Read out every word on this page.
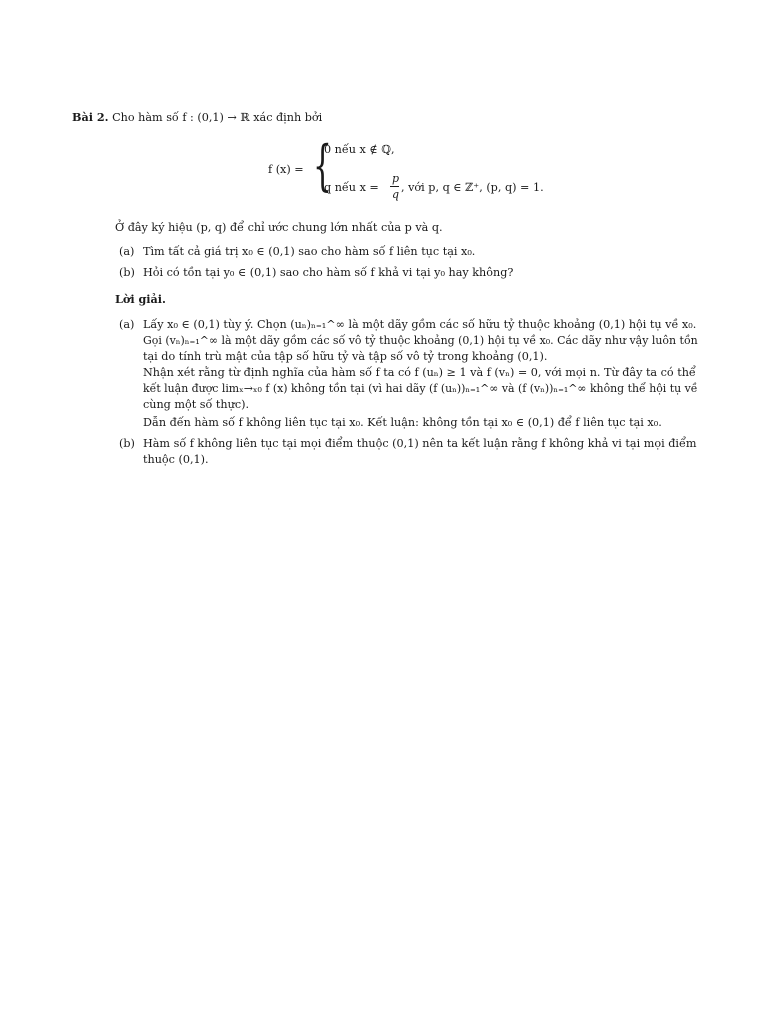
Bài 2. Cho hàm số f : (0,1) → ℝ xác định bởi
f (x) = {
0 nếu x ∉ ℚ,
q nếu x =
p
q
, với p, q ∈ ℤ⁺, (p, q) = 1.
Ở đây ký hiệu (p, q) để chỉ ước chung lớn nhất của p và q.
(a) Tìm tất cả giá trị x₀ ∈ (0,1) sao cho hàm số f liên tục tại x₀.
(b) Hỏi có tồn tại y₀ ∈ (0,1) sao cho hàm số f khả vi tại y₀ hay không?
Lời giải.
(a) Lấy x₀ ∈ (0,1) tùy ý. Chọn (uₙ)ₙ₌₁^∞ là một dãy gồm các số hữu tỷ thuộc khoảng (0,1) hội tụ về x₀.
Gọi (vₙ)ₙ₌₁^∞ là một dãy gồm các số vô tỷ thuộc khoảng (0,1) hội tụ về x₀. Các dãy như vậy luôn tồn
tại do tính trù mật của tập số hữu tỷ và tập số vô tỷ trong khoảng (0,1).
Nhận xét rằng từ định nghĩa của hàm số f ta có f (uₙ) ≥ 1 và f (vₙ) = 0, với mọi n. Từ đây ta có thể
kết luận được limₓ→ₓ₀ f (x) không tồn tại (vì hai dãy (f (uₙ))ₙ₌₁^∞ và (f (vₙ))ₙ₌₁^∞ không thể hội tụ về
cùng một số thực).
Dẫn đến hàm số f không liên tục tại x₀. Kết luận: không tồn tại x₀ ∈ (0,1) để f liên tục tại x₀.
(b) Hàm số f không liên tục tại mọi điểm thuộc (0,1) nên ta kết luận rằng f không khả vi tại mọi điểm
thuộc (0,1).
